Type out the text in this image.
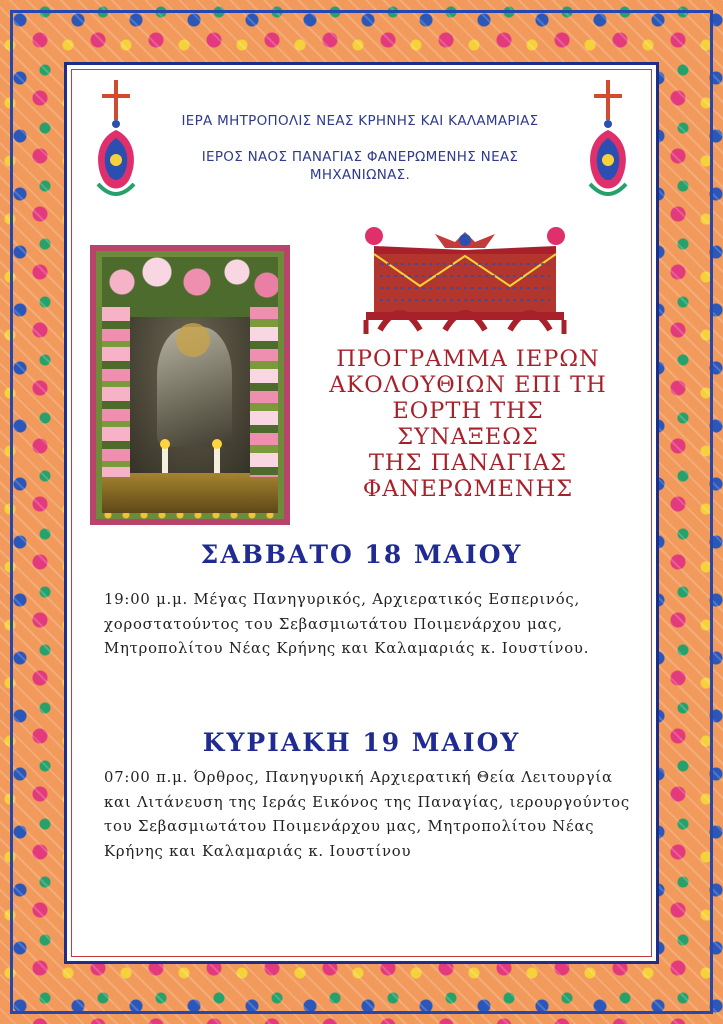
ΙΕΡΑ ΜΗΤΡΟΠΟΛΙΣ ΝΕΑΣ ΚΡΗΝΗΣ ΚΑΙ ΚΑΛΑΜΑΡΙΑΣ

ΙΕΡΟΣ ΝΑΟΣ ΠΑΝΑΓΙΑΣ ΦΑΝΕΡΩΜΕΝΗΣ ΝΕΑΣ ΜΗΧΑΝΙΩΝΑΣ.

ΠΡΟΓΡΑΜΜΑ ΙΕΡΩΝ

ΑΚΟΛΟΥΘΙΩΝ ΕΠΙ ΤΗ

ΕΟΡΤΗ ΤΗΣ ΣΥΝΑΞΕΩΣ

ΤΗΣ ΠΑΝΑΓΙΑΣ

ΦΑΝΕΡΩΜΕΝΗΣ

ΣΑΒΒΑΤΟ 18 ΜΑΙΟΥ

19:00 μ.μ. Μέγας Πανηγυρικός, Αρχιερατικός Εσπερινός, χοροστατούντος του Σεβασμιωτάτου Ποιμενάρχου μας, Μητροπολίτου Νέας Κρήνης και Καλαμαριάς κ. Ιουστίνου.

ΚΥΡΙΑΚΗ 19 ΜΑΙΟΥ

07:00 π.μ. Όρθρος, Πανηγυρική Αρχιερατική Θεία Λειτουργία και Λιτάνευση της Ιεράς Εικόνος της Παναγίας, ιερουργούντος του Σεβασμιωτάτου Ποιμενάρχου μας, Μητροπολίτου Νέας Κρήνης και Καλαμαριάς κ. Ιουστίνου
